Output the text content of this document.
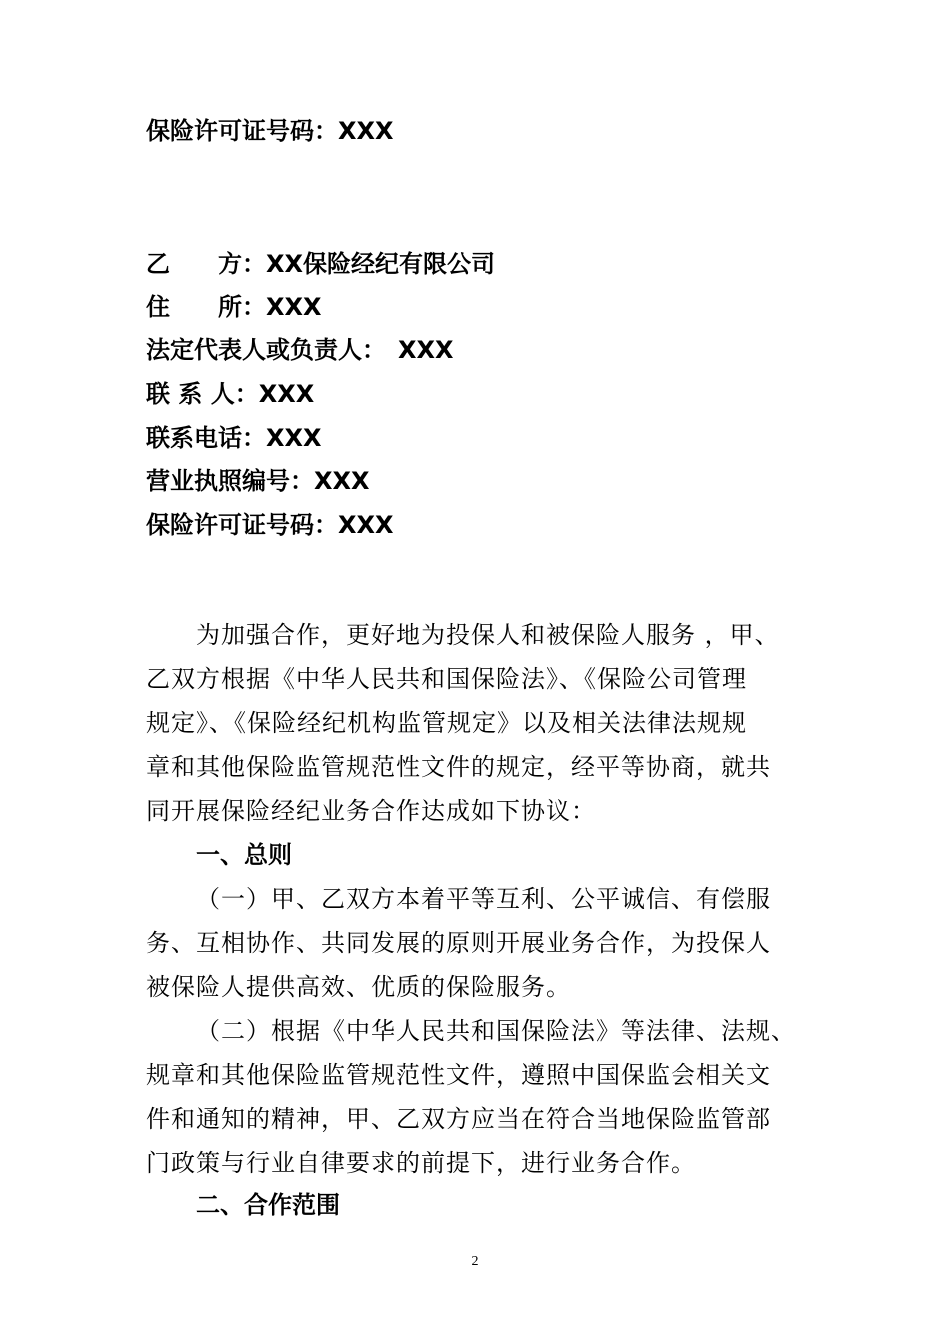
保险许可证号码：XXX
乙　　方：XX保险经纪有限公司
住　　所：XXX
法定代表人或负责人：　XXX
联 系 人：XXX
联系电话：XXX
营业执照编号：XXX
保险许可证号码：XXX
为加强合作，更好地为投保人和被保险人服务 ，甲、
乙双方根据《中华人民共和国保险法》、《保险公司管理
规定》、《保险经纪机构监管规定》以及相关法律法规规
章和其他保险监管规范性文件的规定，经平等协商，就共
同开展保险经纪业务合作达成如下协议：
一、总则
（一）甲、乙双方本着平等互利、公平诚信、有偿服
务、互相协作、共同发展的原则开展业务合作，为投保人
被保险人提供高效、优质的保险服务。
（二）根据《中华人民共和国保险法》等法律、法规、
规章和其他保险监管规范性文件，遵照中国保监会相关文
件和通知的精神，甲、乙双方应当在符合当地保险监管部
门政策与行业自律要求的前提下，进行业务合作。
二、合作范围
2
